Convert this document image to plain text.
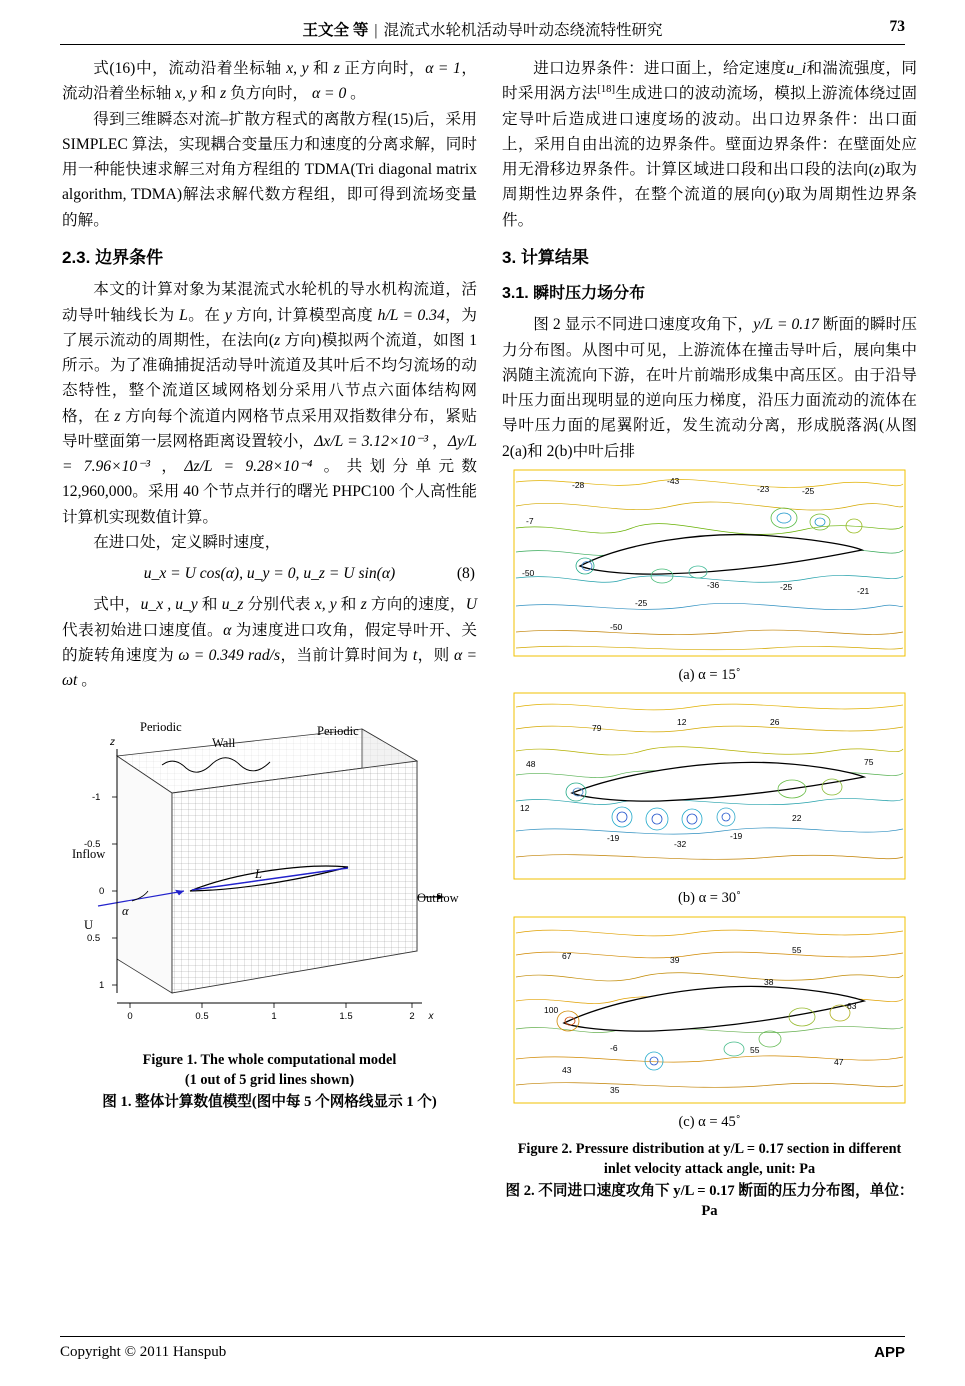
王文全 等 | 混流式水轮机活动导叶动态绕流特性研究	73

式(16)中，流动沿着坐标轴 x, y 和 z 正方向时，α = 1，流动沿着坐标轴 x, y 和 z 负方向时， α = 0 。

得到三维瞬态对流‒扩散方程式的离散方程(15)后，采用 SIMPLEC 算法，实现耦合变量压力和速度的分离求解，同时用一种能快速求解三对角方程组的 TDMA(Tri diagonal matrix algorithm, TDMA)解法求解代数方程组，即可得到流场变量的解。

2.3. 边界条件

本文的计算对象为某混流式水轮机的导水机构流道，活动导叶轴线长为 L。在 y 方向, 计算模型高度 h/L = 0.34，为了展示流动的周期性，在法向(z 方向)模拟两个流道，如图 1 所示。为了准确捕捉活动导叶流道及其叶后不均匀流场的动态特性，整个流道区域网格划分采用八节点六面体结构网格，在 z 方向每个流道内网格节点采用双指数律分布，紧贴导叶壁面第一层网格距离设置较小，Δx/L = 3.12×10⁻³ ，Δy/L = 7.96×10⁻³ ，Δz/L = 9.28×10⁻⁴ 。共划分单元数 12,960,000。采用 40 个节点并行的曙光 PHPC100 个人高性能计算机实现数值计算。

在进口处，定义瞬时速度，

u_x = U cos(α), u_y = 0, u_z = U sin(α)	(8)

式中，u_x , u_y 和 u_z 分别代表 x, y 和 z 方向的速度，U 代表初始进口速度值。α 为速度进口攻角，假定导叶开、关的旋转角速度为 ω = 0.349 rad/s，当前计算时间为 t，则 α = ωt 。

-1
-0.5
0
0.5
1
z
0	0.5	1	1.5	2 x
Periodic
Wall
Periodic
Inflow
Outflow
U
α
L

Figure 1. The whole computational model

(1 out of 5 grid lines shown)

图 1. 整体计算数值模型(图中每 5 个网格线显示 1 个)

进口边界条件：进口面上，给定速度u_i和湍流强度，同时采用涡方法[18]生成进口的波动流场，模拟上游流体绕过固定导叶后造成进口速度场的波动。出口边界条件：出口面上，采用自由出流的边界条件。壁面边界条件：在壁面处应用无滑移边界条件。计算区域进口段和出口段的法向(z)取为周期性边界条件，在整个流道的展向(y)取为周期性边界条件。

3. 计算结果
3.1. 瞬时压力场分布

图 2 显示不同进口速度攻角下，y/L = 0.17 断面的瞬时压力分布图。从图中可见，上游流体在撞击导叶后，展向集中涡随主流流向下游，在叶片前端形成集中高压区。由于沿导叶压力面出现明显的逆向压力梯度，沿压力面流动的流体在导叶压力面的尾翼附近，发生流动分离，形成脱落涡(从图 2(a)和 2(b)中叶后排

-28	-43
-23	-25
-7
-50
-25
-36	-25	-21
-50

(a) α = 15˚

79
12	26
48
12
75
22
-19
-32
-19

(b) α = 30˚

67	39
55
38
100	63
-6	55
47
43
35

(c) α = 45˚

Figure 2. Pressure distribution at y/L = 0.17 section in different

inlet velocity attack angle, unit: Pa

图 2. 不同进口速度攻角下 y/L = 0.17 断面的压力分布图，单位：Pa

Copyright © 2011 Hanspub	APP
